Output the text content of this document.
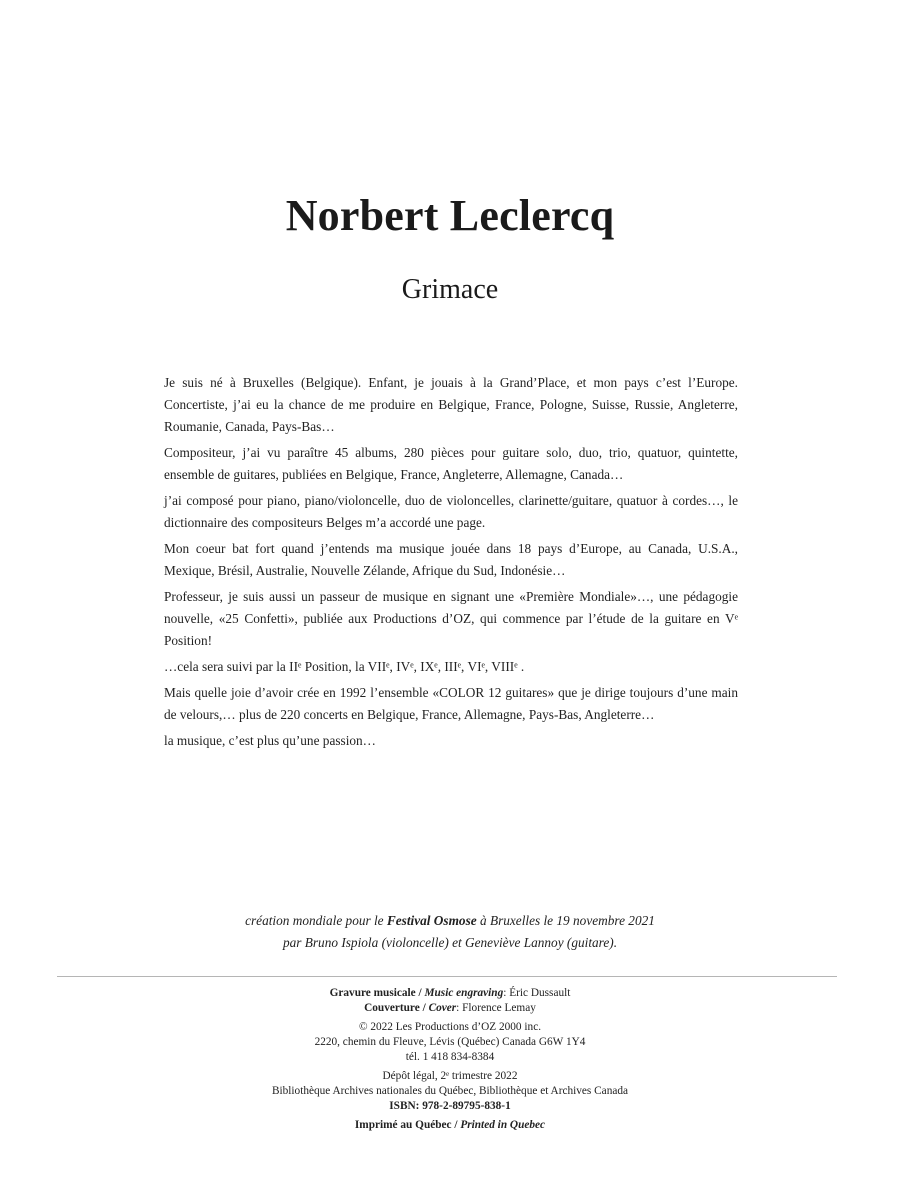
Norbert Leclercq
Grimace

Je suis né à Bruxelles (Belgique). Enfant, je jouais à la Grand’Place, et mon pays c’est l’Europe. Concertiste, j’ai eu la chance de me produire en Belgique, France, Pologne, Suisse, Russie, Angleterre, Roumanie, Canada, Pays-Bas…

Compositeur, j’ai vu paraître 45 albums, 280 pièces pour guitare solo, duo, trio, quatuor, quintette, ensemble de guitares, publiées en Belgique, France, Angleterre, Allemagne, Canada…

j’ai composé pour piano, piano/violoncelle, duo de violoncelles, clarinette/guitare, quatuor à cordes…, le dictionnaire des compositeurs Belges m’a accordé une page.

Mon coeur bat fort quand j’entends ma musique jouée dans 18 pays d’Europe, au Canada, U.S.A., Mexique, Brésil, Australie, Nouvelle Zélande, Afrique du Sud, Indonésie…

Professeur, je suis aussi un passeur de musique en signant une «Première Mondiale»…, une pédagogie nouvelle, «25 Confetti», publiée aux Productions d’OZ, qui commence par l’étude de la guitare en Vᵉ Position!

…cela sera suivi par la IIᵉ Position, la VIIᵉ, IVᵉ, IXᵉ, IIIᵉ, VIᵉ, VIIIᵉ .

Mais quelle joie d’avoir crée en 1992 l’ensemble «COLOR 12 guitares» que je dirige toujours d’une main de velours,… plus de 220 concerts en Belgique, France, Allemagne, Pays-Bas, Angleterre…

la musique, c’est plus qu’une passion…

création mondiale pour le Festival Osmose à Bruxelles le 19 novembre 2021
par Bruno Ispiola (violoncelle) et Geneviève Lannoy (guitare).
Gravure musicale / Music engraving: Éric Dussault
Couverture / Cover: Florence Lemay
© 2022 Les Productions d’OZ 2000 inc.
2220, chemin du Fleuve, Lévis (Québec) Canada G6W 1Y4
tél. 1 418 834-8384
Dépôt légal, 2ᵉ trimestre 2022
Bibliothèque Archives nationales du Québec, Bibliothèque et Archives Canada
ISBN: 978-2-89795-838-1
Imprimé au Québec / Printed in Quebec
